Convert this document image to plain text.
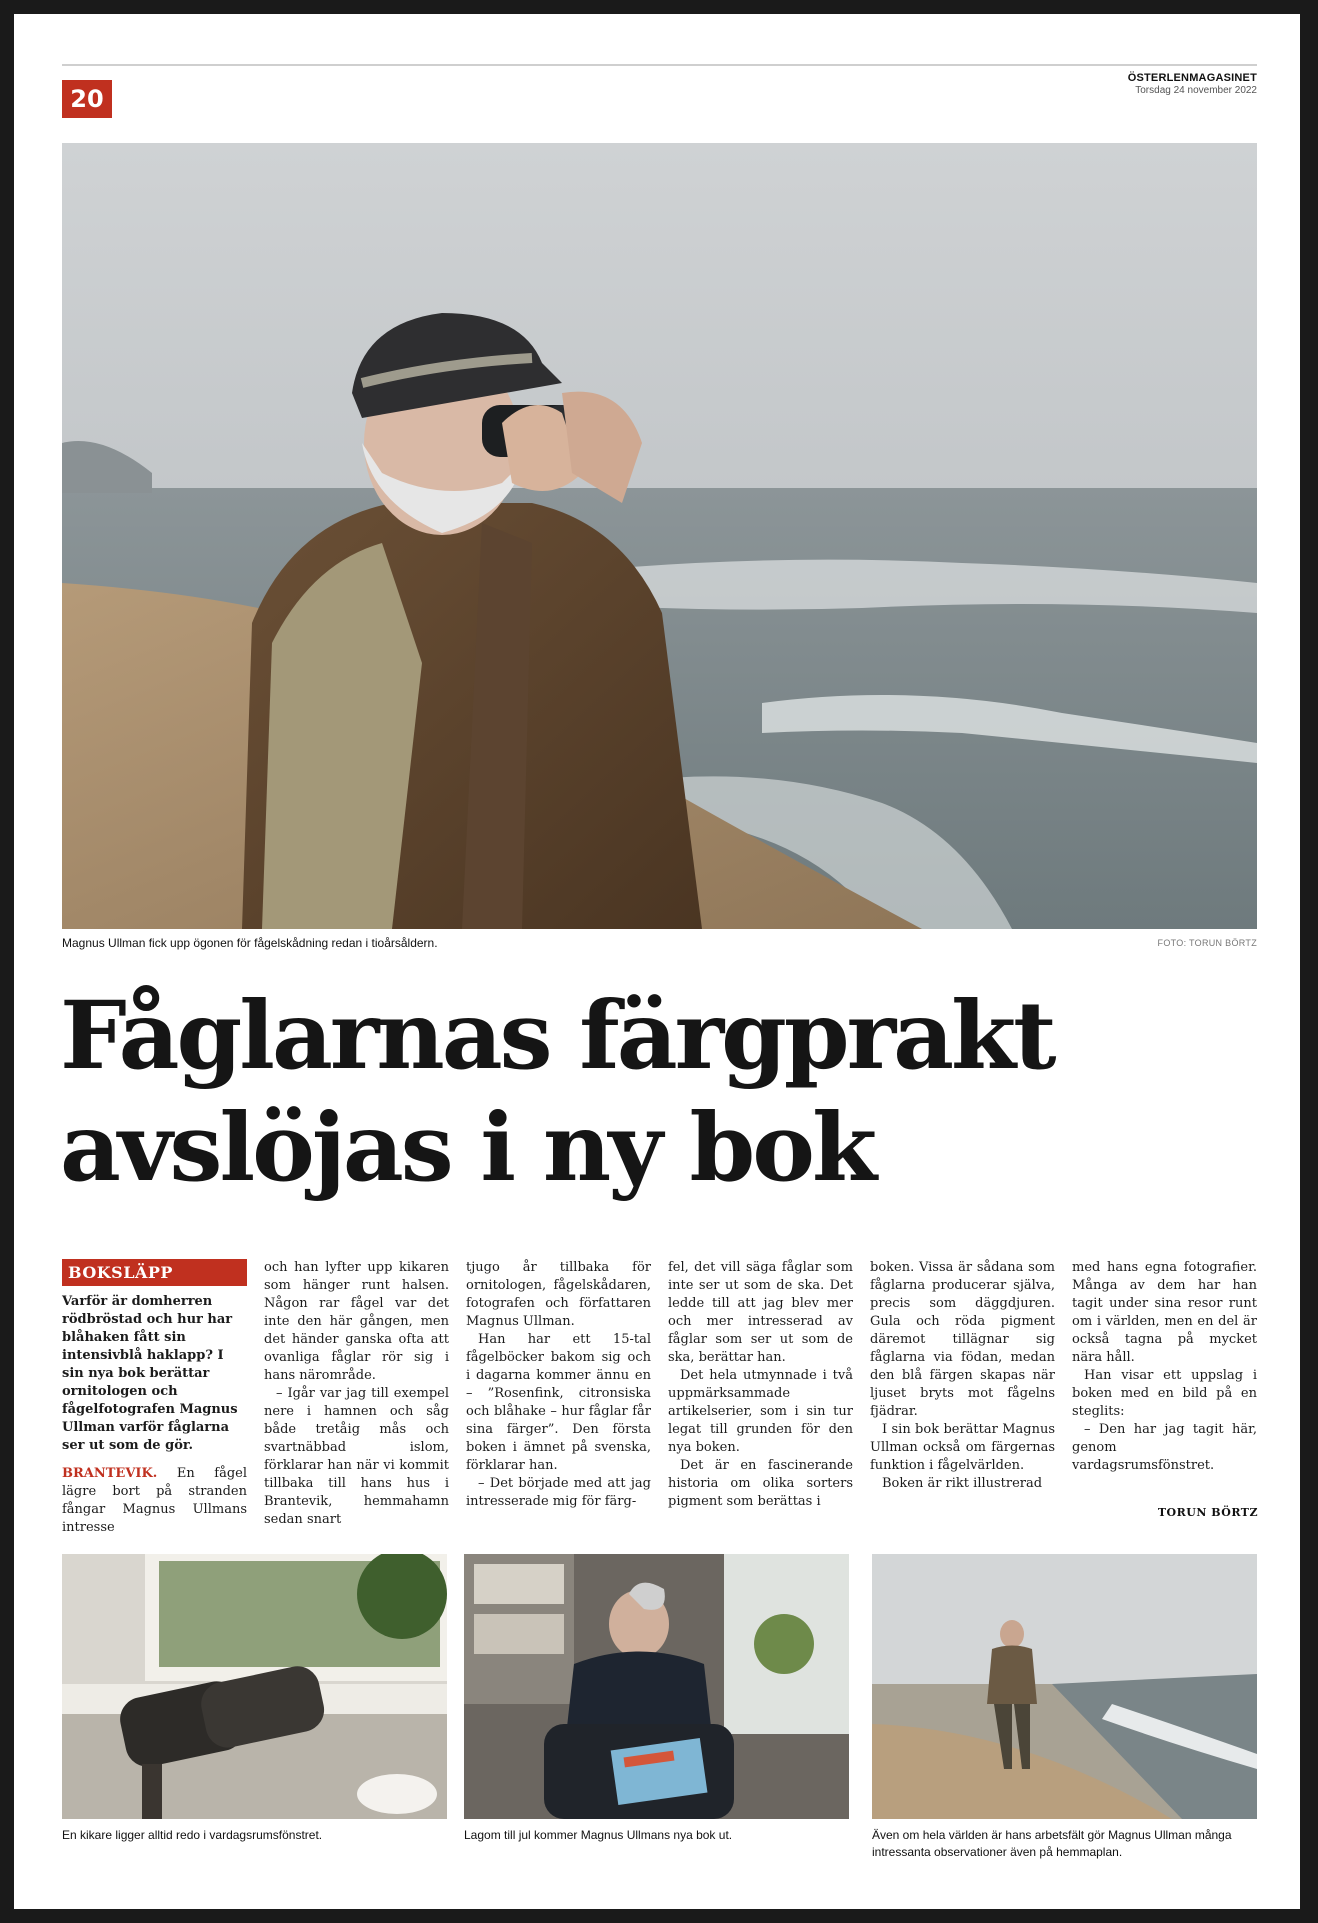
20
ÖSTERLENMAGASINET
Torsdag 24 november 2022
Magnus Ullman fick upp ögonen för fågelskådning redan i tioårsåldern.	FOTO: TORUN BÖRTZ
Fåglarnas färgprakt
avslöjas i ny bok
BOKSLÄPP

Varför är domherren rödbröstad och hur har blåhaken fått sin intensivblå haklapp? I sin nya bok berättar ornitologen och fågelfotografen Magnus Ullman varför fåglarna ser ut som de gör.

BRANTEVIK. En fågel lägre bort på stranden fångar Magnus Ullmans intresse

och han lyfter upp kikaren som hänger runt halsen. Någon rar fågel var det inte den här gången, men det händer ganska ofta att ovanliga fåglar rör sig i hans närområde.

– Igår var jag till exempel nere i hamnen och såg både tretåig mås och svartnäbbad islom, förklarar han när vi kommit tillbaka till hans hus i Brantevik, hemmahamn sedan snart

tjugo år tillbaka för ornitologen, fågelskådaren, fotografen och författaren Magnus Ullman.

Han har ett 15-tal fågelböcker bakom sig och i dagarna kommer ännu en – ”Rosenfink, citronsiska och blåhake – hur fåglar får sina färger”. Den första boken i ämnet på svenska, förklarar han.

– Det började med att jag intresserade mig för färg-

fel, det vill säga fåglar som inte ser ut som de ska. Det ledde till att jag blev mer och mer intresserad av fåglar som ser ut som de ska, berättar han.

Det hela utmynnade i två uppmärksammade artikelserier, som i sin tur legat till grunden för den nya boken.

Det är en fascinerande historia om olika sorters pigment som berättas i

boken. Vissa är sådana som fåglarna producerar själva, precis som däggdjuren. Gula och röda pigment däremot tillägnar sig fåglarna via födan, medan den blå färgen skapas när ljuset bryts mot fågelns fjädrar.

I sin bok berättar Magnus Ullman också om färgernas funktion i fågelvärlden.

Boken är rikt illustrerad

med hans egna fotografier. Många av dem har han tagit under sina resor runt om i världen, men en del är också tagna på mycket nära håll.

Han visar ett uppslag i boken med en bild på en steglits:

– Den har jag tagit här, genom vardagsrumsfönstret.

TORUN BÖRTZ
En kikare ligger alltid redo i vardagsrumsfönstret.	Lagom till jul kommer Magnus Ullmans nya bok ut.	Även om hela världen är hans arbetsfält gör Magnus Ullman många intressanta observationer även på hemmaplan.
